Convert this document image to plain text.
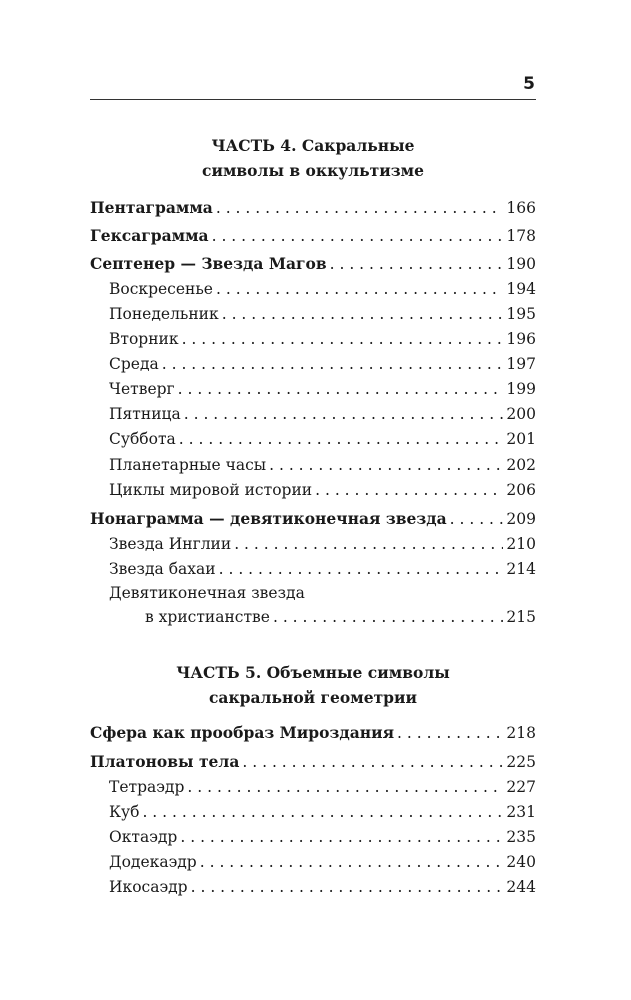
5
ЧАСТЬ 4. Сакральные
символы в оккультизме
Пентаграмма . . .	166
Гексаграмма . . .	178
Септенер — Звезда Магов . . .	190
Воскресенье . . .	194
Понедельник . . .	195
Вторник . . .	196
Среда . . .	197
Четверг . . .	199
Пятница . . .	200
Суббота . . .	201
Планетарные часы . . .	202
Циклы мировой истории . . .	206
Нонаграмма — девятиконечная звезда . . .	209
Звезда Инглии . . .	210
Звезда бахаи . . .	214
Девятиконечная звезда
в христианстве . . .	215
ЧАСТЬ 5. Объемные символы
сакральной геометрии
Сфера как прообраз Мироздания . . .	218
Платоновы тела . . .	225
Тетраэдр . . .	227
Куб . . .	231
Октаэдр . . .	235
Додекаэдр . . .	240
Икосаэдр . . .	244
